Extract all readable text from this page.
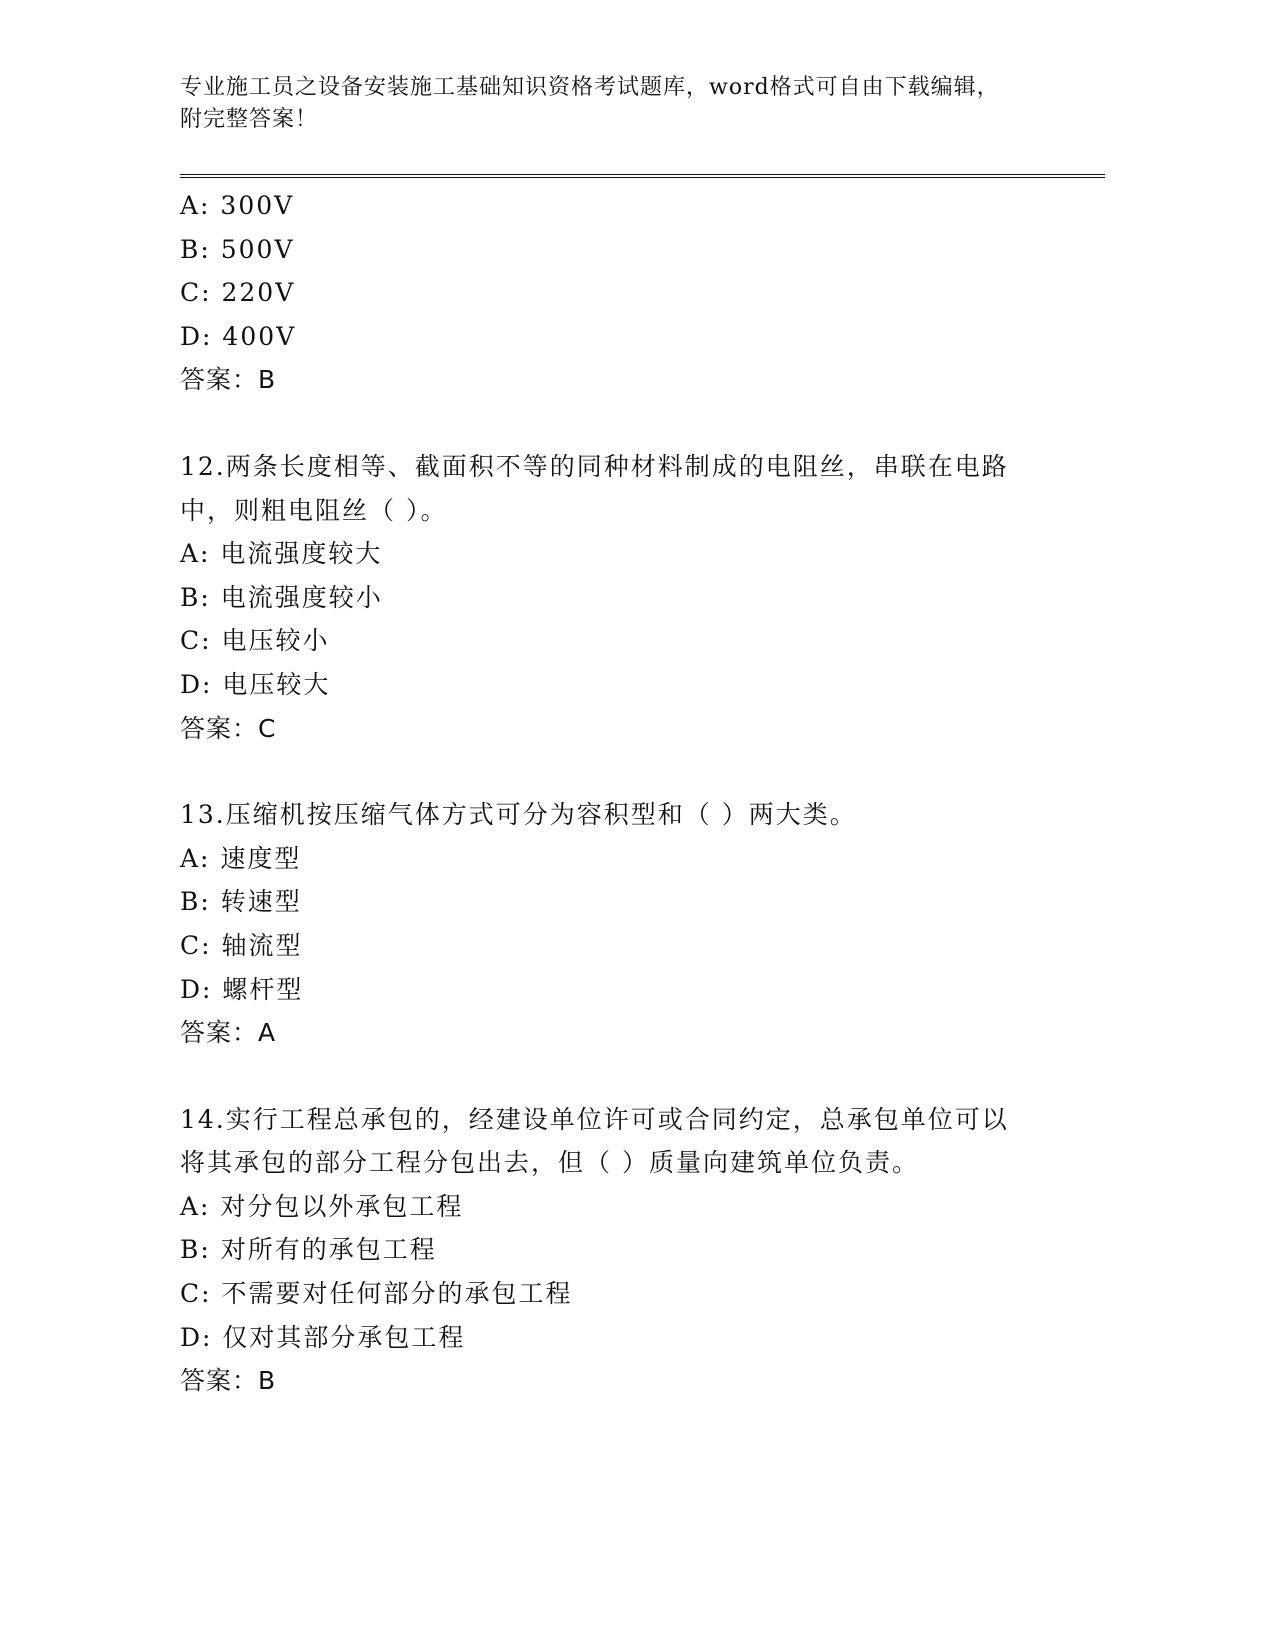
专业施工员之设备安装施工基础知识资格考试题库，word格式可自由下载编辑，
附完整答案！
A: 300V
B: 500V
C: 220V
D: 400V
答案：B
12.两条长度相等、截面积不等的同种材料制成的电阻丝，串联在电路
中，则粗电阻丝（ ）。
A: 电流强度较大
B: 电流强度较小
C: 电压较小
D: 电压较大
答案：C
13.压缩机按压缩气体方式可分为容积型和（ ）两大类。
A: 速度型
B: 转速型
C: 轴流型
D: 螺杆型
答案：A
14.实行工程总承包的，经建设单位许可或合同约定，总承包单位可以
将其承包的部分工程分包出去，但（ ）质量向建筑单位负责。
A: 对分包以外承包工程
B: 对所有的承包工程
C: 不需要对任何部分的承包工程
D: 仅对其部分承包工程
答案：B
